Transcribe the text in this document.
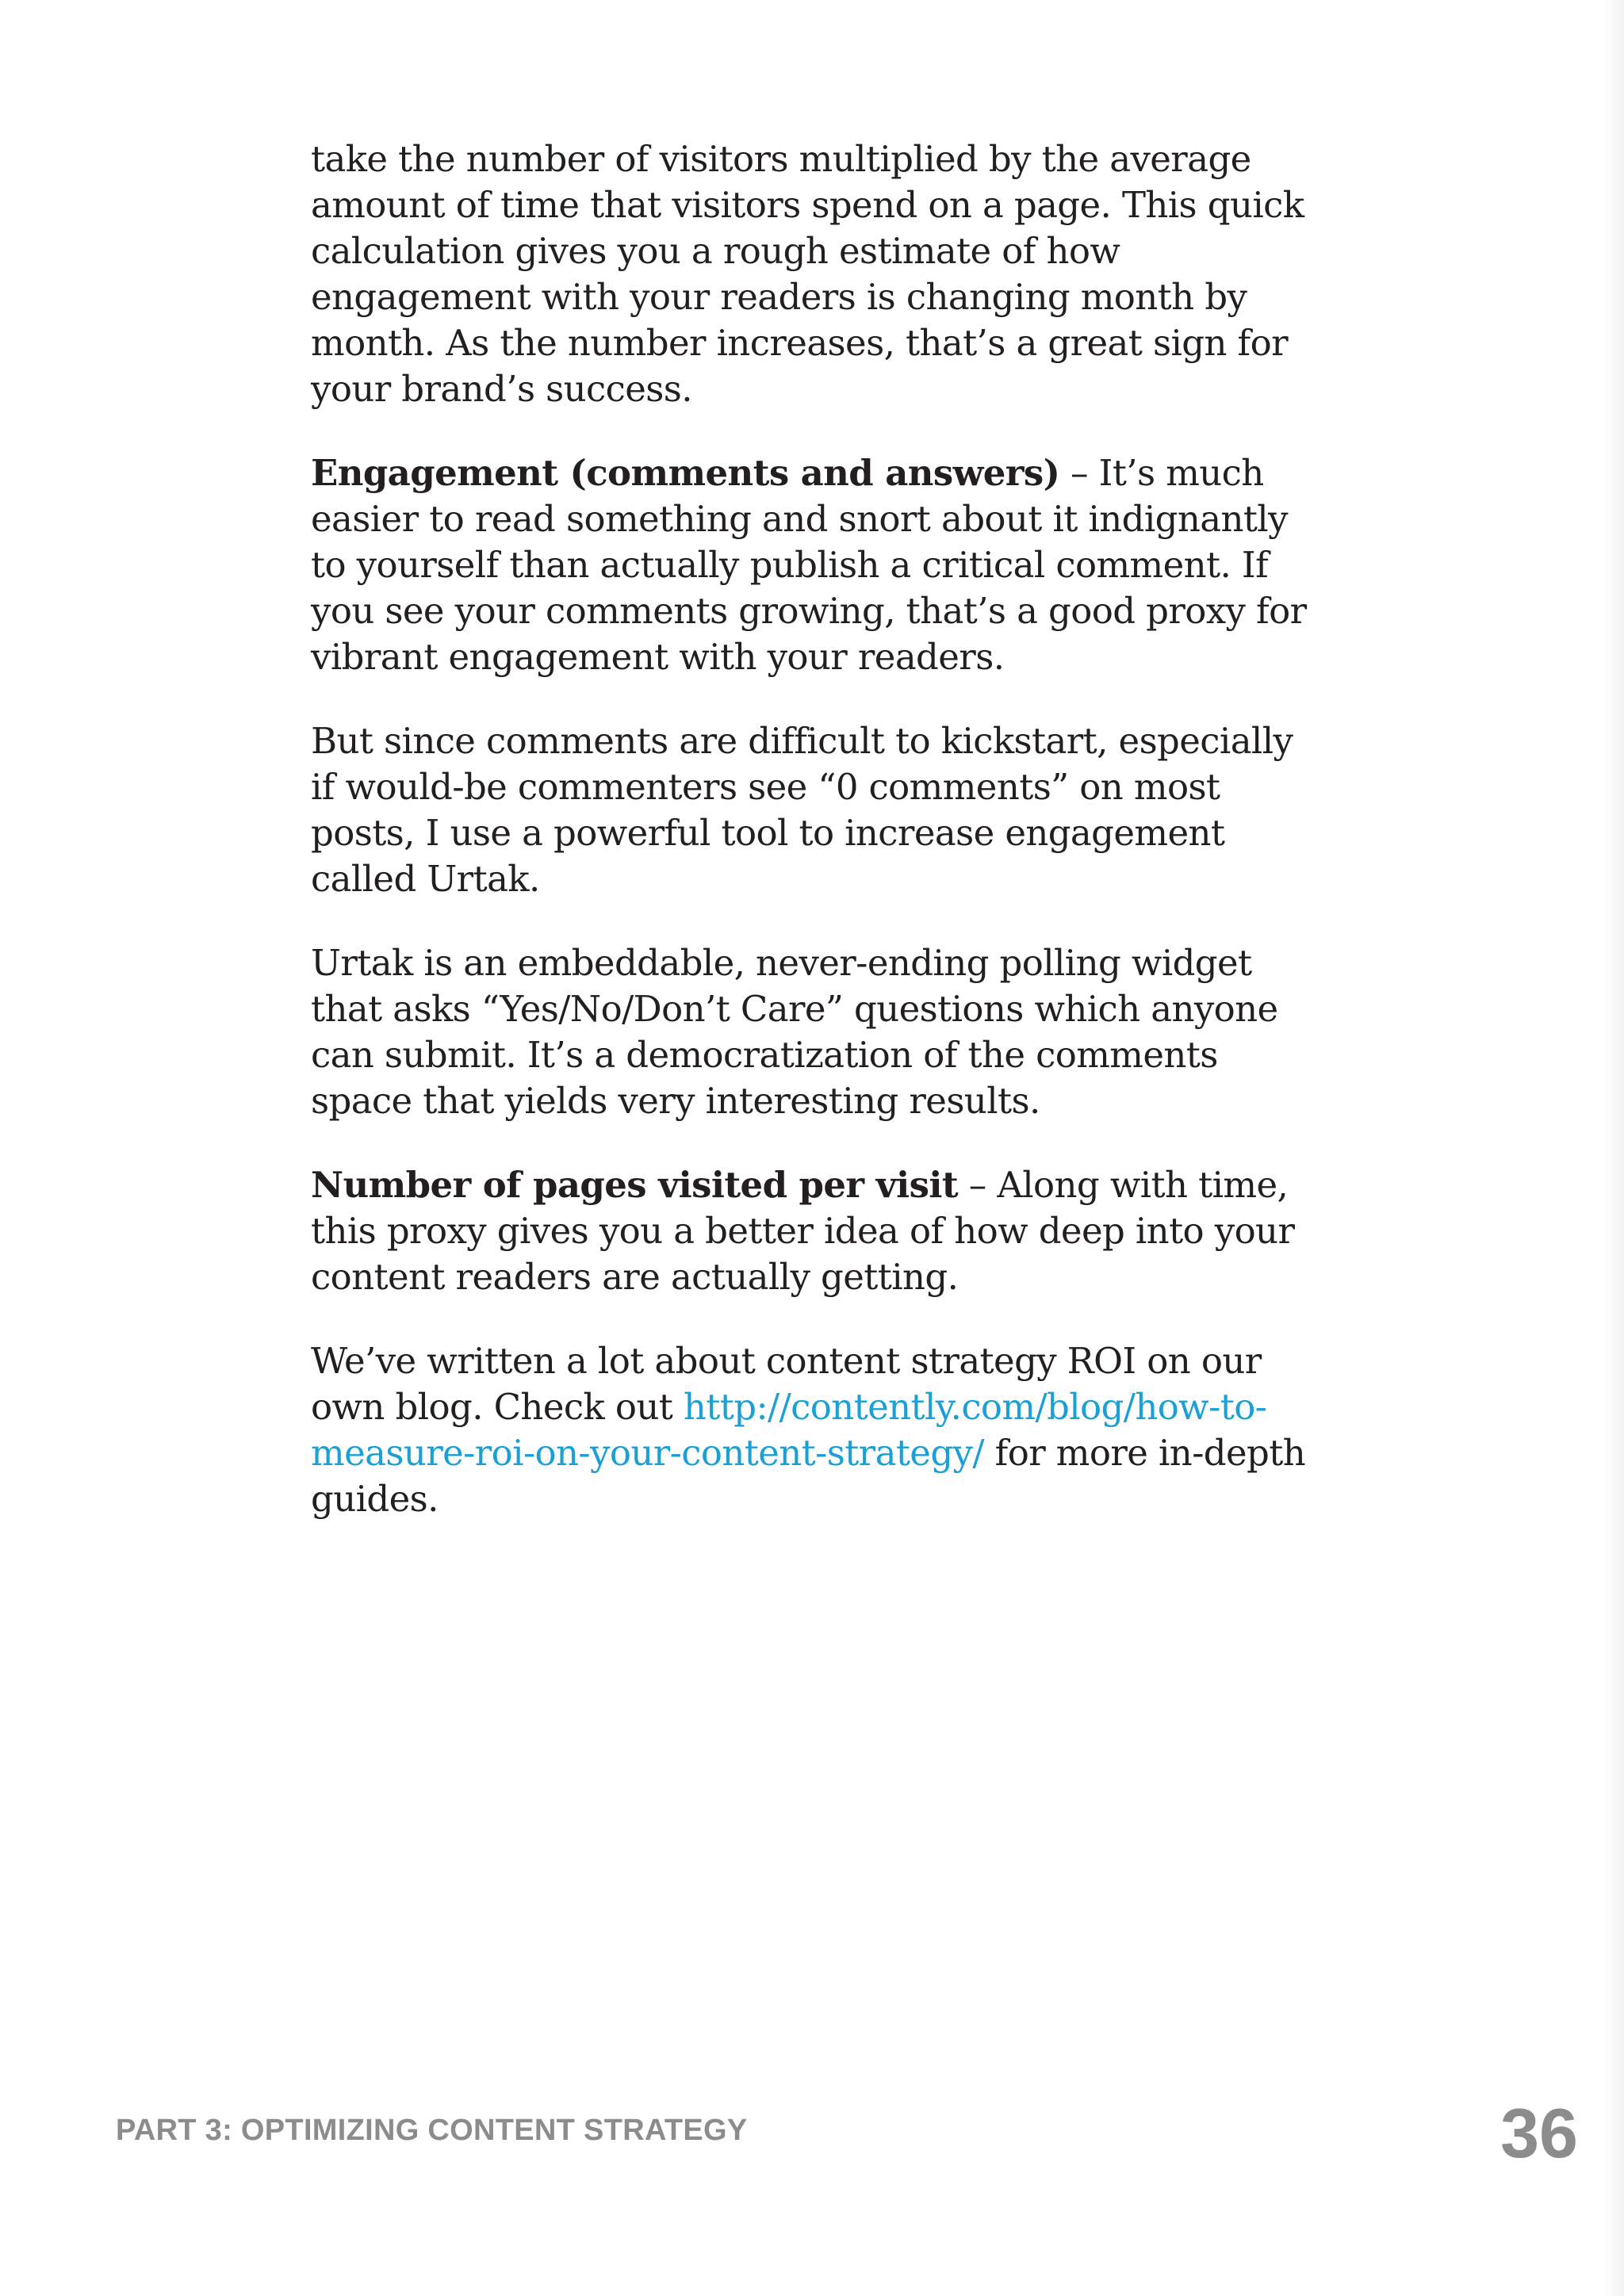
take the number of visitors multiplied by the average amount of time that visitors spend on a page. This quick calculation gives you a rough estimate of how engagement with your readers is changing month by month. As the number increases, that’s a great sign for your brand’s success.

Engagement (comments and answers) – It’s much easier to read something and snort about it indignantly to yourself than actually publish a critical comment. If you see your comments growing, that’s a good proxy for vibrant engagement with your readers.

But since comments are difficult to kickstart, especially if would-be commenters see “0 comments” on most posts, I use a powerful tool to increase engagement called Urtak.

Urtak is an embeddable, never-ending polling widget that asks “Yes/No/Don’t Care” questions which anyone can submit. It’s a democratization of the comments space that yields very interesting results.

Number of pages visited per visit – Along with time, this proxy gives you a better idea of how deep into your content readers are actually getting.

We’ve written a lot about content strategy ROI on our own blog. Check out http://contently.com/blog/how-to-measure-roi-on-your-content-strategy/ for more in-depth guides.

PART 3: OPTIMIZING CONTENT STRATEGY	36
